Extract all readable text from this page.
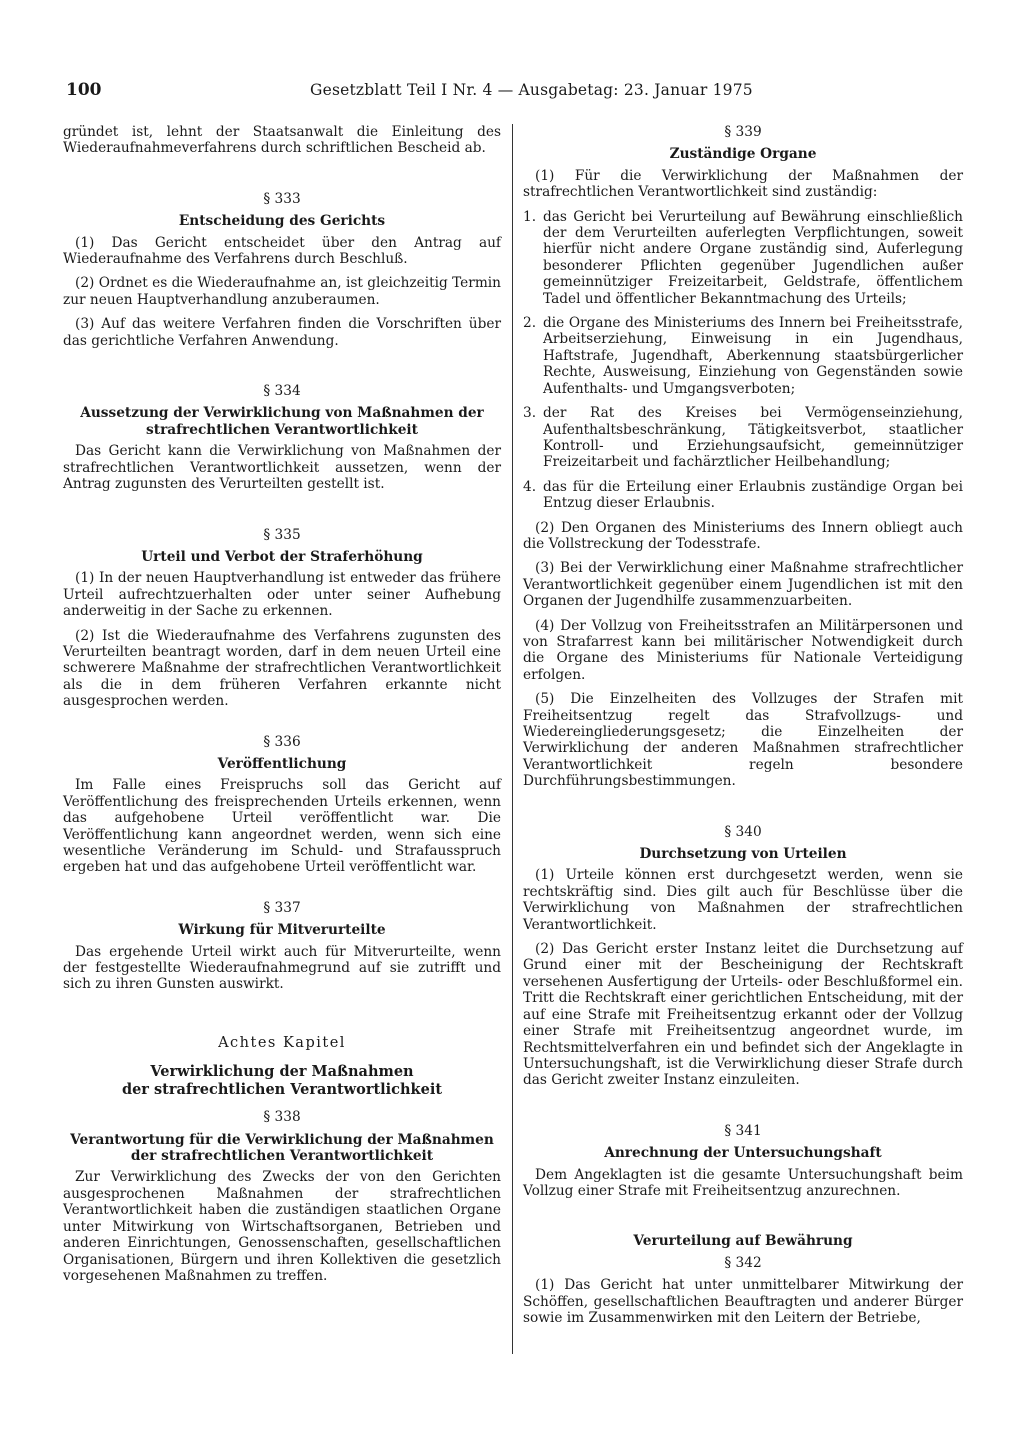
100	Gesetzblatt Teil I Nr. 4 — Ausgabetag: 23. Januar 1975

gründet ist, lehnt der Staatsanwalt die Einleitung des Wiederaufnahmeverfahrens durch schriftlichen Bescheid ab.

§ 333
Entscheidung des Gerichts

(1) Das Gericht entscheidet über den Antrag auf Wiederaufnahme des Verfahrens durch Beschluß.

(2) Ordnet es die Wiederaufnahme an, ist gleichzeitig Termin zur neuen Hauptverhandlung anzuberaumen.

(3) Auf das weitere Verfahren finden die Vorschriften über das gerichtliche Verfahren Anwendung.

§ 334
Aussetzung der Verwirklichung von Maßnahmen der strafrechtlichen Verantwortlichkeit

Das Gericht kann die Verwirklichung von Maßnahmen der strafrechtlichen Verantwortlichkeit aussetzen, wenn der Antrag zugunsten des Verurteilten gestellt ist.

§ 335
Urteil und Verbot der Straferhöhung

(1) In der neuen Hauptverhandlung ist entweder das frühere Urteil aufrechtzuerhalten oder unter seiner Aufhebung anderweitig in der Sache zu erkennen.

(2) Ist die Wiederaufnahme des Verfahrens zugunsten des Verurteilten beantragt worden, darf in dem neuen Urteil eine schwerere Maßnahme der strafrechtlichen Verantwortlichkeit als die in dem früheren Verfahren erkannte nicht ausgesprochen werden.

§ 336
Veröffentlichung

Im Falle eines Freispruchs soll das Gericht auf Veröffentlichung des freisprechenden Urteils erkennen, wenn das aufgehobene Urteil veröffentlicht war. Die Veröffentlichung kann angeordnet werden, wenn sich eine wesentliche Veränderung im Schuld- und Strafausspruch ergeben hat und das aufgehobene Urteil veröffentlicht war.

§ 337
Wirkung für Mitverurteilte

Das ergehende Urteil wirkt auch für Mitverurteilte, wenn der festgestellte Wiederaufnahmegrund auf sie zutrifft und sich zu ihren Gunsten auswirkt.

Achtes Kapitel
Verwirklichung der Maßnahmen
der strafrechtlichen Verantwortlichkeit
§ 338
Verantwortung für die Verwirklichung der Maßnahmen der strafrechtlichen Verantwortlichkeit

Zur Verwirklichung des Zwecks der von den Gerichten ausgesprochenen Maßnahmen der strafrechtlichen Verantwortlichkeit haben die zuständigen staatlichen Organe unter Mitwirkung von Wirtschaftsorganen, Betrieben und anderen Einrichtungen, Genossenschaften, gesellschaftlichen Organisationen, Bürgern und ihren Kollektiven die gesetzlich vorgesehenen Maßnahmen zu treffen.

§ 339
Zuständige Organe

(1) Für die Verwirklichung der Maßnahmen der strafrechtlichen Verantwortlichkeit sind zuständig:

1. das Gericht bei Verurteilung auf Bewährung einschließlich der dem Verurteilten auferlegten Verpflichtungen, soweit hierfür nicht andere Organe zuständig sind, Auferlegung besonderer Pflichten gegenüber Jugendlichen außer gemeinnütziger Freizeitarbeit, Geldstrafe, öffentlichem Tadel und öffentlicher Bekanntmachung des Urteils;
2. die Organe des Ministeriums des Innern bei Freiheitsstrafe, Arbeitserziehung, Einweisung in ein Jugendhaus, Haftstrafe, Jugendhaft, Aberkennung staatsbürgerlicher Rechte, Ausweisung, Einziehung von Gegenständen sowie Aufenthalts- und Umgangsverboten;
3. der Rat des Kreises bei Vermögenseinziehung, Aufenthaltsbeschränkung, Tätigkeitsverbot, staatlicher Kontroll- und Erziehungsaufsicht, gemeinnütziger Freizeitarbeit und fachärztlicher Heilbehandlung;
4. das für die Erteilung einer Erlaubnis zuständige Organ bei Entzug dieser Erlaubnis.

(2) Den Organen des Ministeriums des Innern obliegt auch die Vollstreckung der Todesstrafe.

(3) Bei der Verwirklichung einer Maßnahme strafrechtlicher Verantwortlichkeit gegenüber einem Jugendlichen ist mit den Organen der Jugendhilfe zusammenzuarbeiten.

(4) Der Vollzug von Freiheitsstrafen an Militärpersonen und von Strafarrest kann bei militärischer Notwendigkeit durch die Organe des Ministeriums für Nationale Verteidigung erfolgen.

(5) Die Einzelheiten des Vollzuges der Strafen mit Freiheitsentzug regelt das Strafvollzugs- und Wiedereingliederungsgesetz; die Einzelheiten der Verwirklichung der anderen Maßnahmen strafrechtlicher Verantwortlichkeit regeln besondere Durchführungsbestimmungen.

§ 340
Durchsetzung von Urteilen

(1) Urteile können erst durchgesetzt werden, wenn sie rechtskräftig sind. Dies gilt auch für Beschlüsse über die Verwirklichung von Maßnahmen der strafrechtlichen Verantwortlichkeit.

(2) Das Gericht erster Instanz leitet die Durchsetzung auf Grund einer mit der Bescheinigung der Rechtskraft versehenen Ausfertigung der Urteils- oder Beschlußformel ein. Tritt die Rechtskraft einer gerichtlichen Entscheidung, mit der auf eine Strafe mit Freiheitsentzug erkannt oder der Vollzug einer Strafe mit Freiheitsentzug angeordnet wurde, im Rechtsmittelverfahren ein und befindet sich der Angeklagte in Untersuchungshaft, ist die Verwirklichung dieser Strafe durch das Gericht zweiter Instanz einzuleiten.

§ 341
Anrechnung der Untersuchungshaft

Dem Angeklagten ist die gesamte Untersuchungshaft beim Vollzug einer Strafe mit Freiheitsentzug anzurechnen.

Verurteilung auf Bewährung
§ 342

(1) Das Gericht hat unter unmittelbarer Mitwirkung der Schöffen, gesellschaftlichen Beauftragten und anderer Bürger sowie im Zusammenwirken mit den Leitern der Betriebe,
